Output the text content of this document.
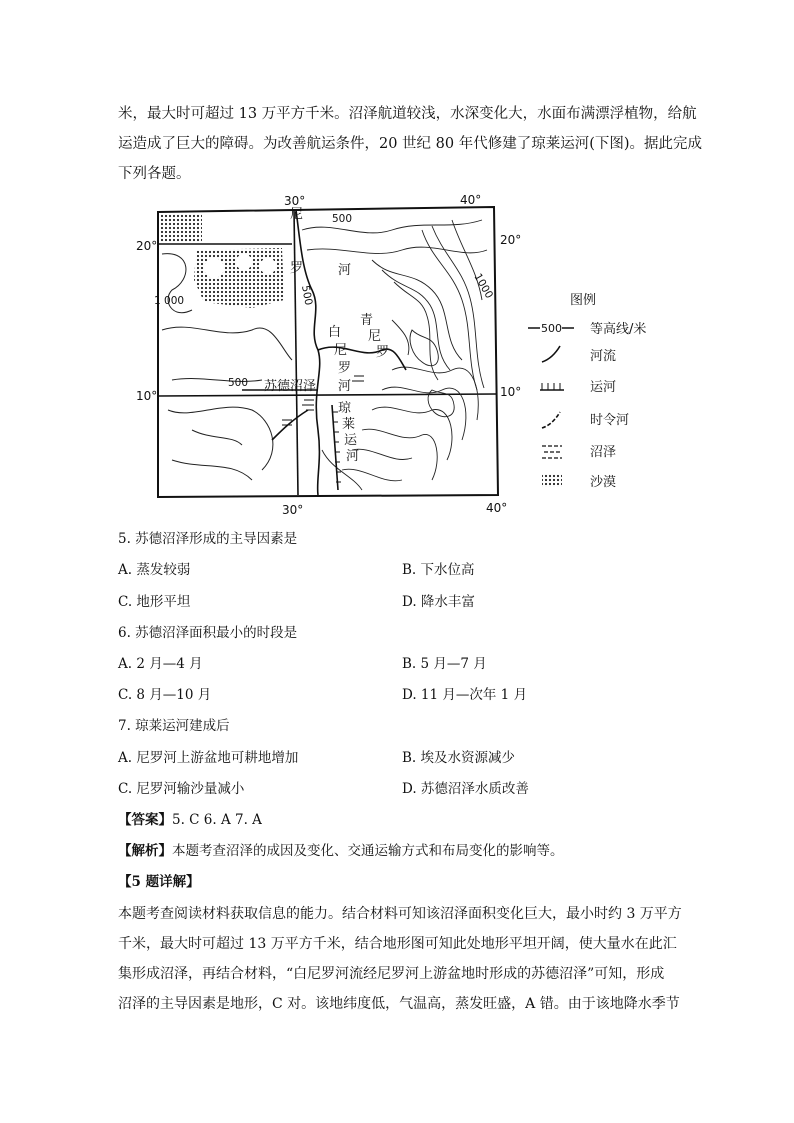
米，最大时可超过 13 万平方千米。沼泽航道较浅，水深变化大，水面布满漂浮植物，给航
运造成了巨大的障碍。为改善航运条件，20 世纪 80 年代修建了琼莱运河(下图)。据此完成
下列各题。
30°	40°
30°	40°
20°	20°
10°	10°
1 000
1000
500
500
500
尼
罗	河
白
尼
罗
河
青
尼
罗
苏德沼泽
琼
莱
运
河
图例
500 等高线/米
河流
运河
时令河
沼泽
沙漠
5. 苏德沼泽形成的主导因素是
A. 蒸发较弱	B. 下水位高
C. 地形平坦	D. 降水丰富
6. 苏德沼泽面积最小的时段是
A. 2 月—4 月	B. 5 月—7 月
C. 8 月—10 月	D. 11 月—次年 1 月
7. 琼莱运河建成后
A. 尼罗河上游盆地可耕地增加	B. 埃及水资源减少
C. 尼罗河输沙量减小	D. 苏德沼泽水质改善
【答案】5. C 6. A 7. A
【解析】本题考查沼泽的成因及变化、交通运输方式和布局变化的影响等。
【5 题详解】
本题考查阅读材料获取信息的能力。结合材料可知该沼泽面积变化巨大，最小时约 3 万平方
千米，最大时可超过 13 万平方千米，结合地形图可知此处地形平坦开阔，使大量水在此汇
集形成沼泽，再结合材料，“白尼罗河流经尼罗河上游盆地时形成的苏德沼泽”可知，形成
沼泽的主导因素是地形，C 对。该地纬度低，气温高，蒸发旺盛，A 错。由于该地降水季节
